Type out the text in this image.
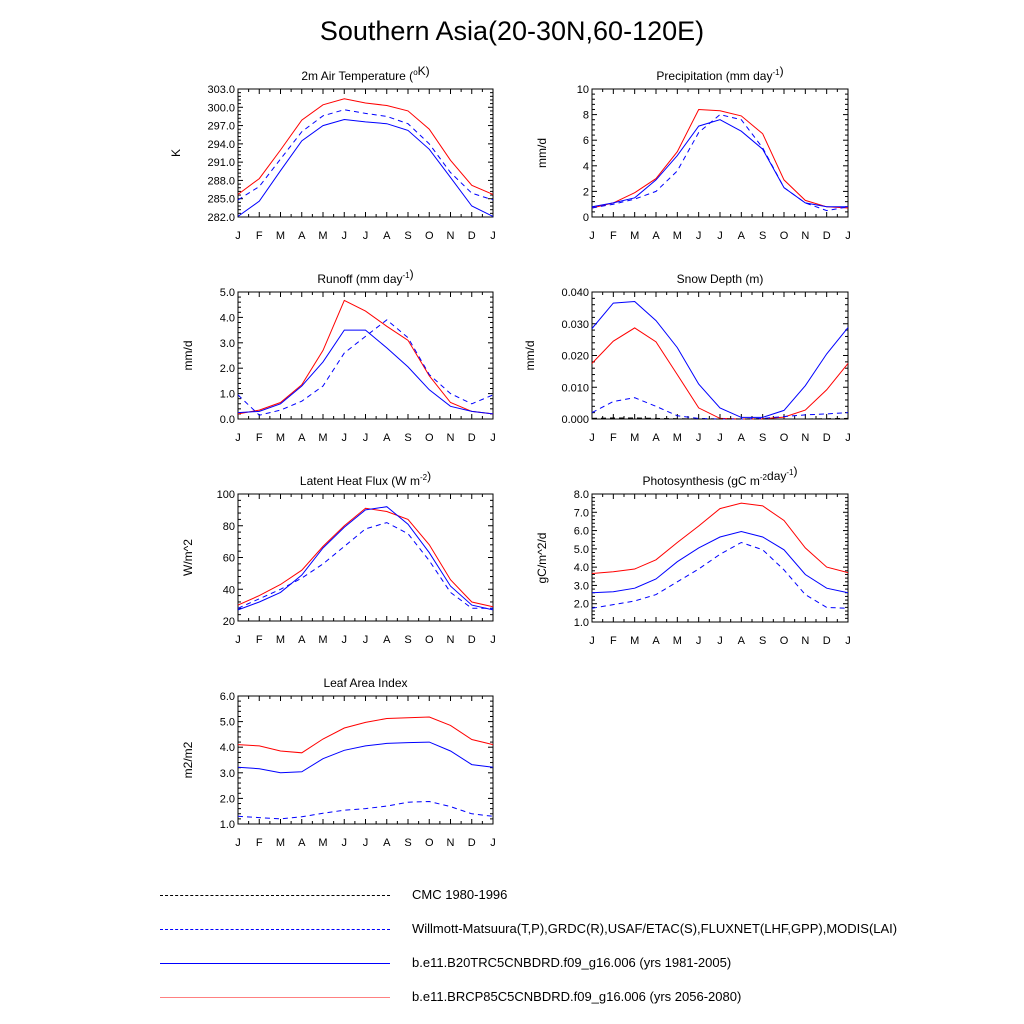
Southern Asia(20-30N,60-120E)
J F M A M J J A S O N D J
282.0
285.0
288.0
291.0
294.0
297.0
300.0
303.0
2m Air Temperature ($^o$K)
K
J F M A M J J A S O N D J
0
2
4
6
8
10
Precipitation (mm day$^{-1}$)
mm/d
J F M A M J J A S O N D J
0.0
1.0
2.0
3.0
4.0
5.0
Runoff (mm day$^{-1}$)
mm/d
J F M A M J J A S O N D J
0.000
0.010
0.020
0.030
0.040
Snow Depth (m)
mm/d
J F M A M J J A S O N D J
20
40
60
80
100
Latent Heat Flux (W $m^{-2}$)
W/m^2
J F M A M J J A S O N D J
1.0
2.0
3.0
4.0
5.0
6.0
7.0
8.0
Photosynthesis (gC $m^{-2}day^{-1}$)
gC/m^2/d
J F M A M J J A S O N D J
1.0
2.0
3.0
4.0
5.0
6.0
Leaf Area Index
m2/m2
CMC 1980-1996
Willmott-Matsuura(T,P),GRDC(R),USAF/ETAC(S),FLUXNET(LHF,GPP),MODIS(LAI)
b.e11.B20TRC5CNBDRD.f09_g16.006 (yrs 1981-2005)
b.e11.BRCP85C5CNBDRD.f09_g16.006 (yrs 2056-2080)
